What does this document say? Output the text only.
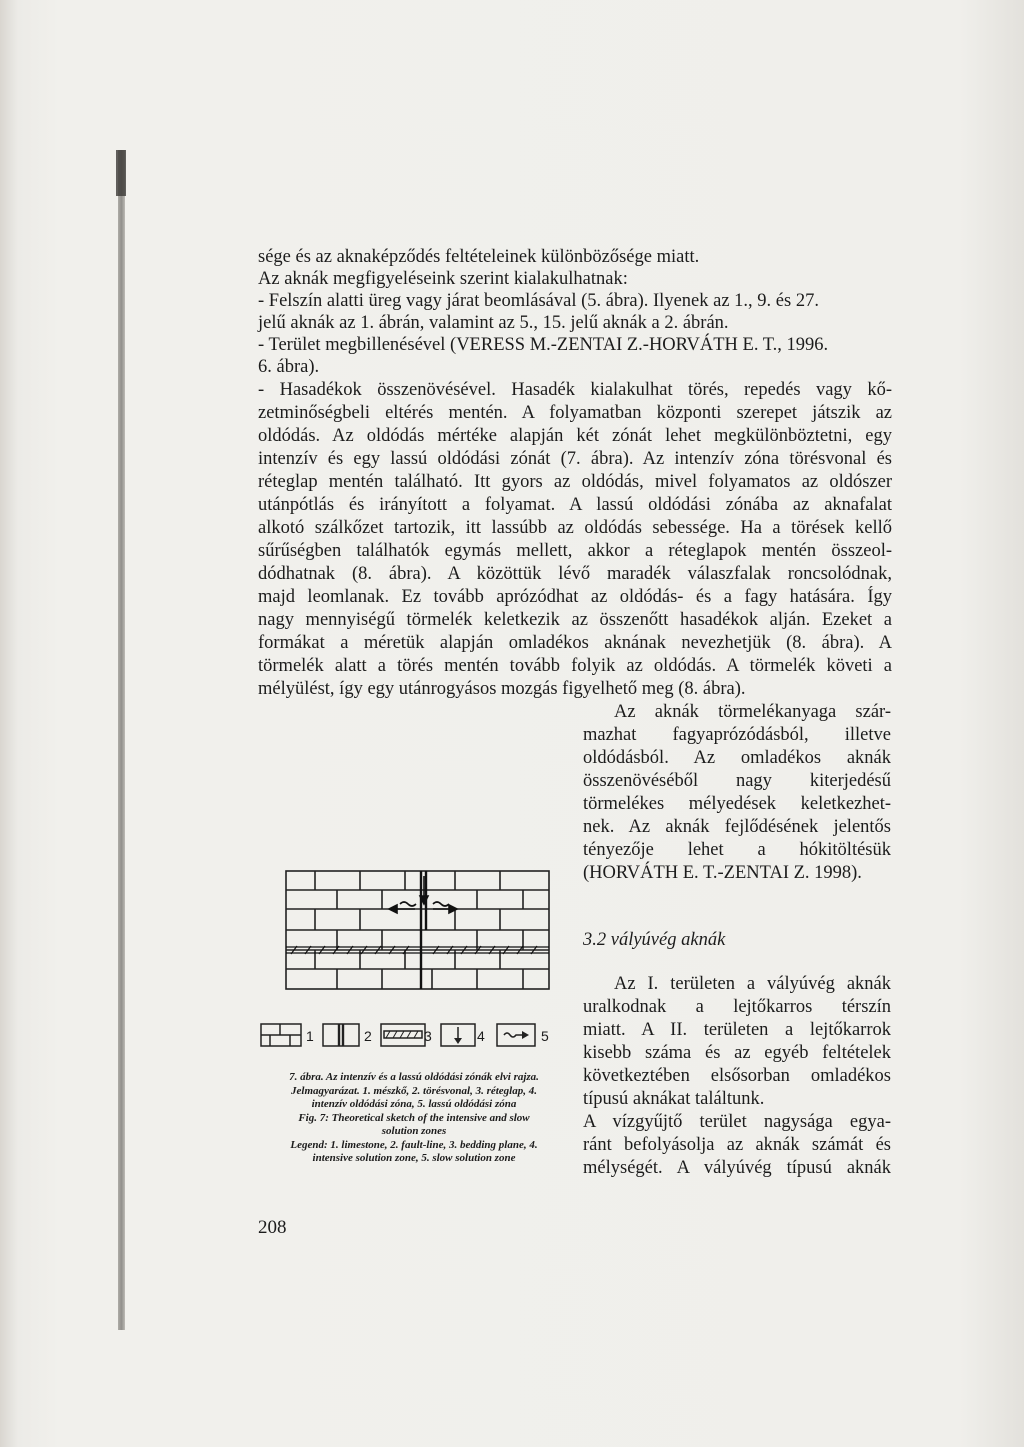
sége és az aknaképződés feltételeinek különbözősége miatt.
Az aknák megfigyeléseink szerint kialakulhatnak:
- Felszín alatti üreg vagy járat beomlásával (5. ábra). Ilyenek az 1., 9. és 27.
jelű aknák az 1. ábrán, valamint az 5., 15. jelű aknák a 2. ábrán.
- Terület megbillenésével (VERESS M.-ZENTAI Z.-HORVÁTH E. T., 1996.
6. ábra).
- Hasadékok összenövésével. Hasadék kialakulhat törés, repedés vagy kő-
zetminőségbeli eltérés mentén. A folyamatban központi szerepet játszik az
oldódás. Az oldódás mértéke alapján két zónát lehet megkülönböztetni, egy
intenzív és egy lassú oldódási zónát (7. ábra). Az intenzív zóna törésvonal és
réteglap mentén található. Itt gyors az oldódás, mivel folyamatos az oldószer
utánpótlás és irányított a folyamat. A lassú oldódási zónába az aknafalat
alkotó szálkőzet tartozik, itt lassúbb az oldódás sebessége. Ha a törések kellő
sűrűségben találhatók egymás mellett, akkor a réteglapok mentén összeol-
dódhatnak (8. ábra). A közöttük lévő maradék válaszfalak roncsolódnak,
majd leomlanak. Ez tovább aprózódhat az oldódás- és a fagy hatására. Így
nagy mennyiségű törmelék keletkezik az összenőtt hasadékok alján. Ezeket a
formákat a méretük alapján omladékos aknának nevezhetjük (8. ábra). A
törmelék alatt a törés mentén tovább folyik az oldódás. A törmelék követi a
mélyülést, így egy utánrogyásos mozgás figyelhető meg (8. ábra).
Az aknák törmelékanyaga szár-
mazhat fagyaprózódásból, illetve
oldódásból. Az omladékos aknák
összenövéséből nagy kiterjedésű
törmelékes mélyedések keletkezhet-
nek. Az aknák fejlődésének jelentős
tényezője lehet a hókitöltésük
(HORVÁTH E. T.-ZENTAI Z. 1998).
Az I. területen a vályúvég aknák
uralkodnak a lejtőkarros térszín
miatt. A II. területen a lejtőkarrok
kisebb száma és az egyéb feltételek
következtében elsősorban omladékos
típusú aknákat találtunk.
A vízgyűjtő terület nagysága egya-
ránt befolyásolja az aknák számát és
mélységét. A vályúvég típusú aknák
3.2 vályúvég aknák
1	2	3	4	5
7. ábra. Az intenzív és a lassú oldódási zónák elvi rajza.
Jelmagyarázat. 1. mészkő, 2. törésvonal, 3. réteglap, 4.
intenzív oldódási zóna, 5. lassú oldódási zóna
Fig. 7: Theoretical sketch of the intensive and slow
solution zones
Legend: 1. limestone, 2. fault-line, 3. bedding plane, 4.
intensive solution zone, 5. slow solution zone
208
